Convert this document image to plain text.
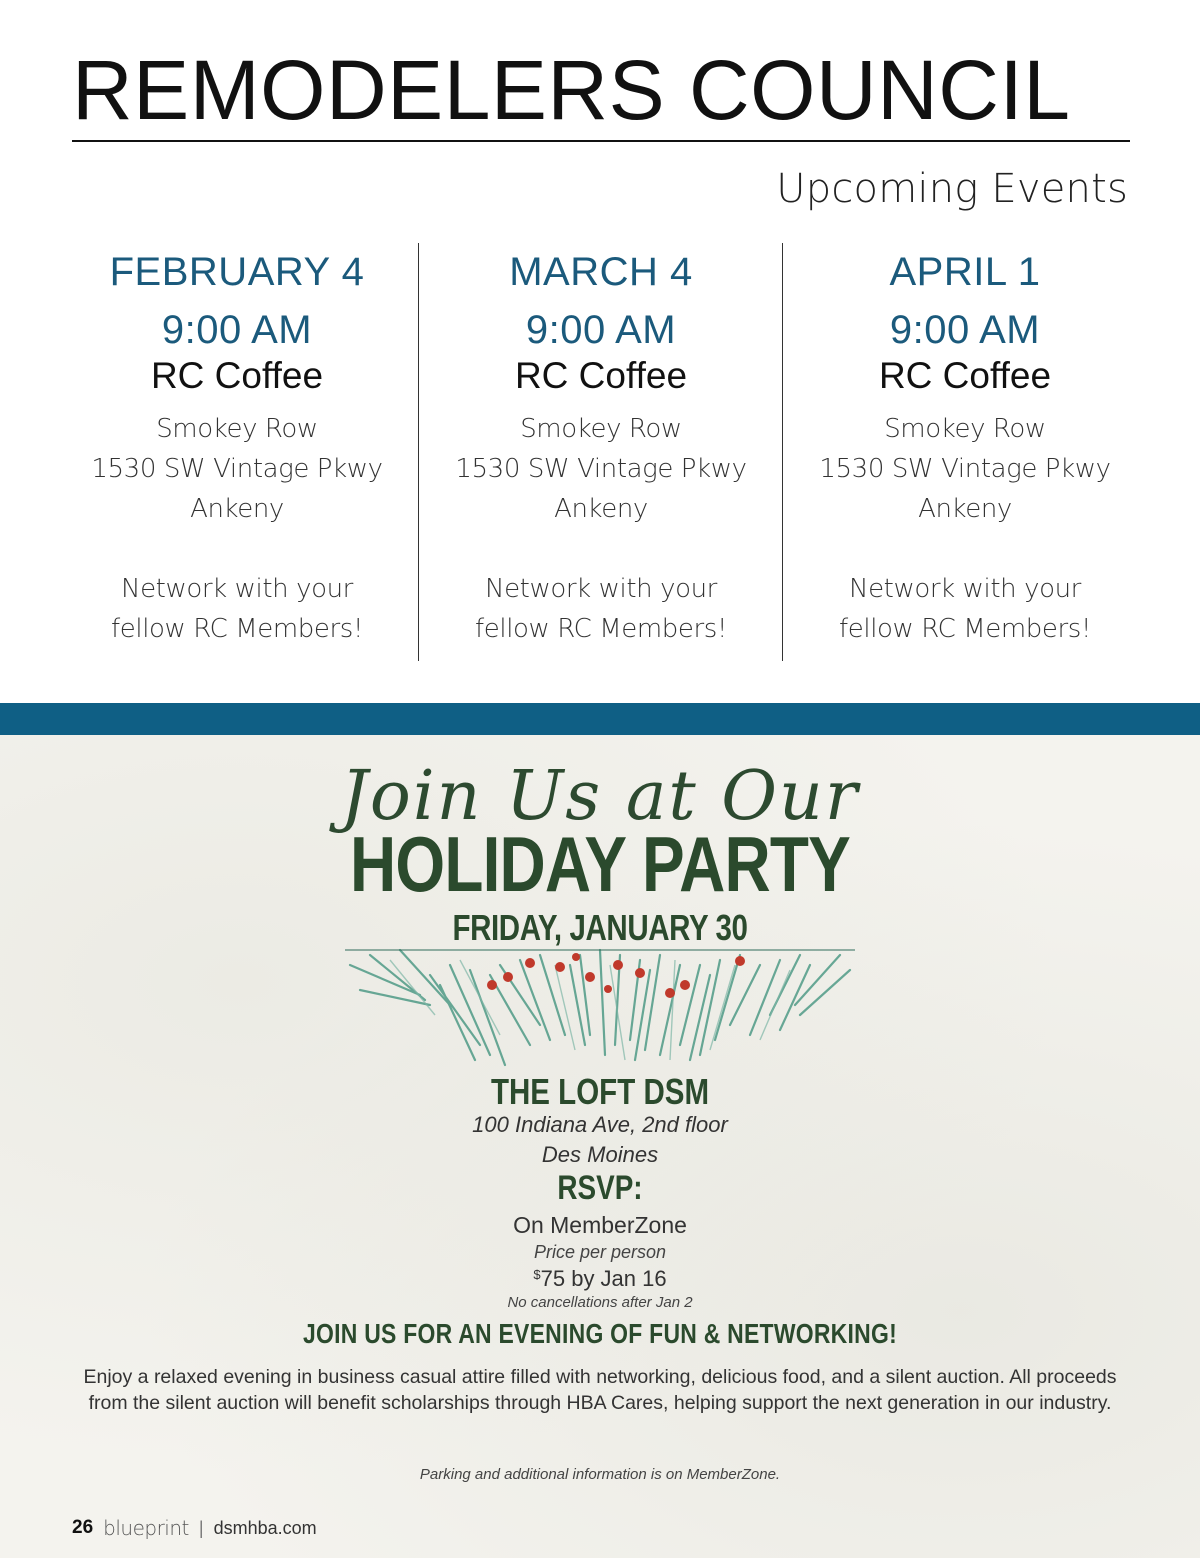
REMODELERS COUNCIL
Upcoming Events
FEBRUARY 4
9:00 AM
RC Coffee
Smokey Row
1530 SW Vintage Pkwy
Ankeny
Network with your
fellow RC Members!
MARCH 4
9:00 AM
RC Coffee
Smokey Row
1530 SW Vintage Pkwy
Ankeny
Network with your
fellow RC Members!
APRIL 1
9:00 AM
RC Coffee
Smokey Row
1530 SW Vintage Pkwy
Ankeny
Network with your
fellow RC Members!
Join Us at Our
HOLIDAY PARTY
FRIDAY, JANUARY 30
THE LOFT DSM
100 Indiana Ave, 2nd floor
Des Moines
RSVP:
On MemberZone
Price per person
$75 by Jan 16
No cancellations after Jan 2
JOIN US FOR AN EVENING OF FUN & NETWORKING!
Enjoy a relaxed evening in business casual attire filled with networking, delicious food, and a silent auction. All proceeds from the silent auction will benefit scholarships through HBA Cares, helping support the next generation in our industry.
Parking and additional information is on MemberZone.
26 blueprint | dsmhba.com
